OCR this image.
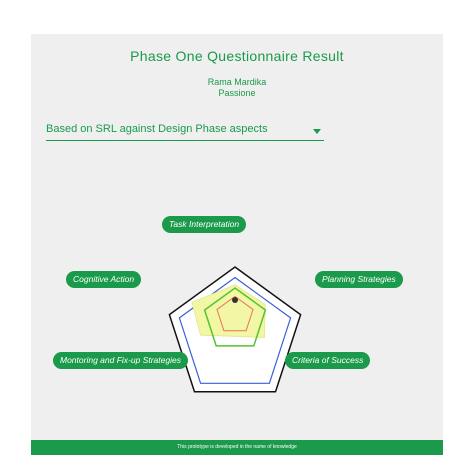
Phase One Questionnaire Result
Rama Mardika
Passione
Based on SRL against Design Phase aspects
Task Interpretation
Planning Strategies
Criteria of Success
Montoring and Fix-up Strategies
Cognitive Action
This prototype is developed in the name of knowledge
